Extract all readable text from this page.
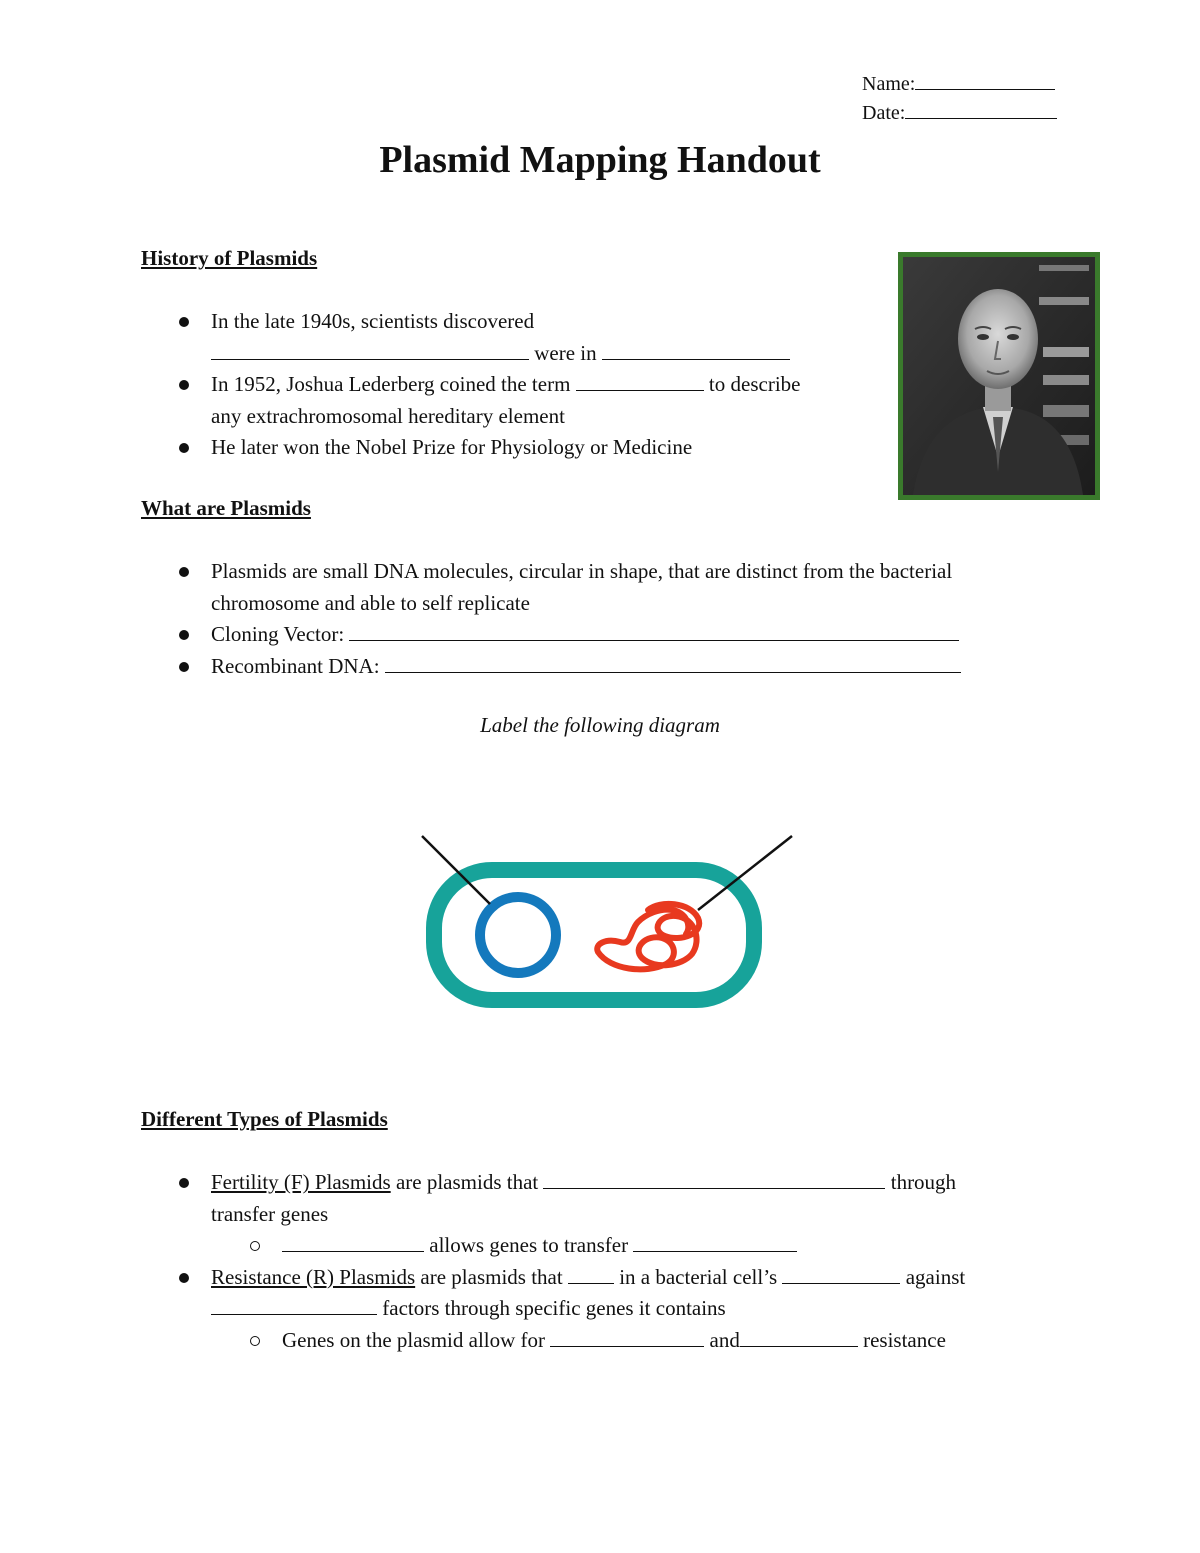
Name:
Date:
Plasmid Mapping Handout
History of Plasmids
In the late 1940s, scientists discovered
were in
In 1952, Joshua Lederberg coined the term	to describe
any extrachromosomal hereditary element
He later won the Nobel Prize for Physiology or Medicine
What are Plasmids
Plasmids are small DNA molecules, circular in shape, that are distinct from the bacterial
chromosome and able to self replicate
Cloning Vector:
Recombinant DNA:
Label the following diagram
Different Types of Plasmids
Fertility (F) Plasmids are plasmids that	through
transfer genes
allows genes to transfer
Resistance (R) Plasmids are plasmids that	in a bacterial cell’s	against
factors through specific genes it contains
Genes on the plasmid allow for	and	resistance
